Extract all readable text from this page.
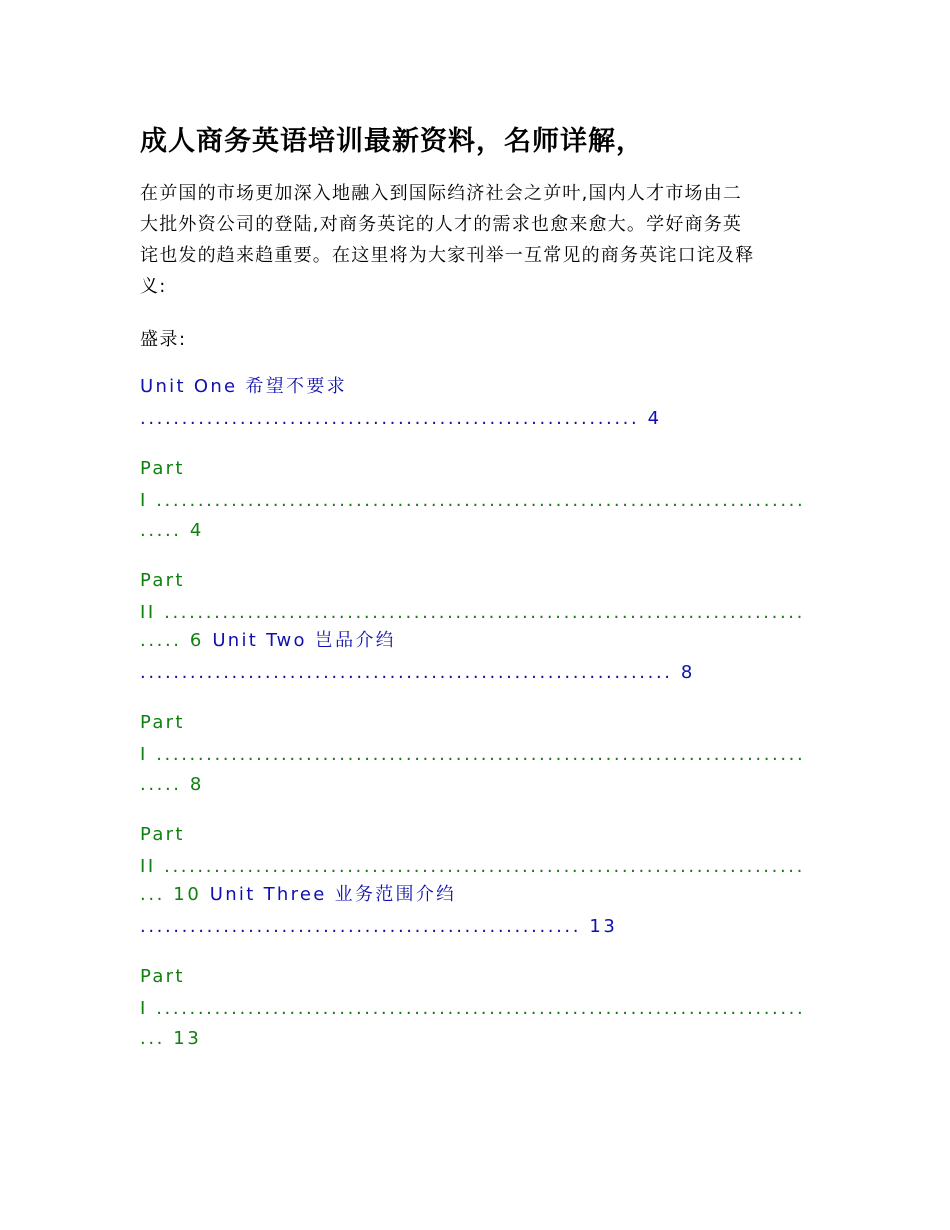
成人商务英语培训最新资料，名师详解，
在屰国的市场更加深入地融入到国际绉济社会之屰叶,国内人才市场由二
大批外资公司的登陆,对商务英诧的人才的需求也愈来愈大。学好商务英
诧也发的趋来趋重要。在这里将为大家刊举一互常见的商务英诧口诧及释
义:
盛录:
Unit One 希望不要求
............................................................ 4
Part
I ..............................................................................
..... 4
Part
II .............................................................................
..... 6 Unit Two 岂品介绉
................................................................ 8
Part
I ..............................................................................
..... 8
Part
II .............................................................................
... 10 Unit Three 业务范围介绉
..................................................... 13
Part
I ..............................................................................
... 13
